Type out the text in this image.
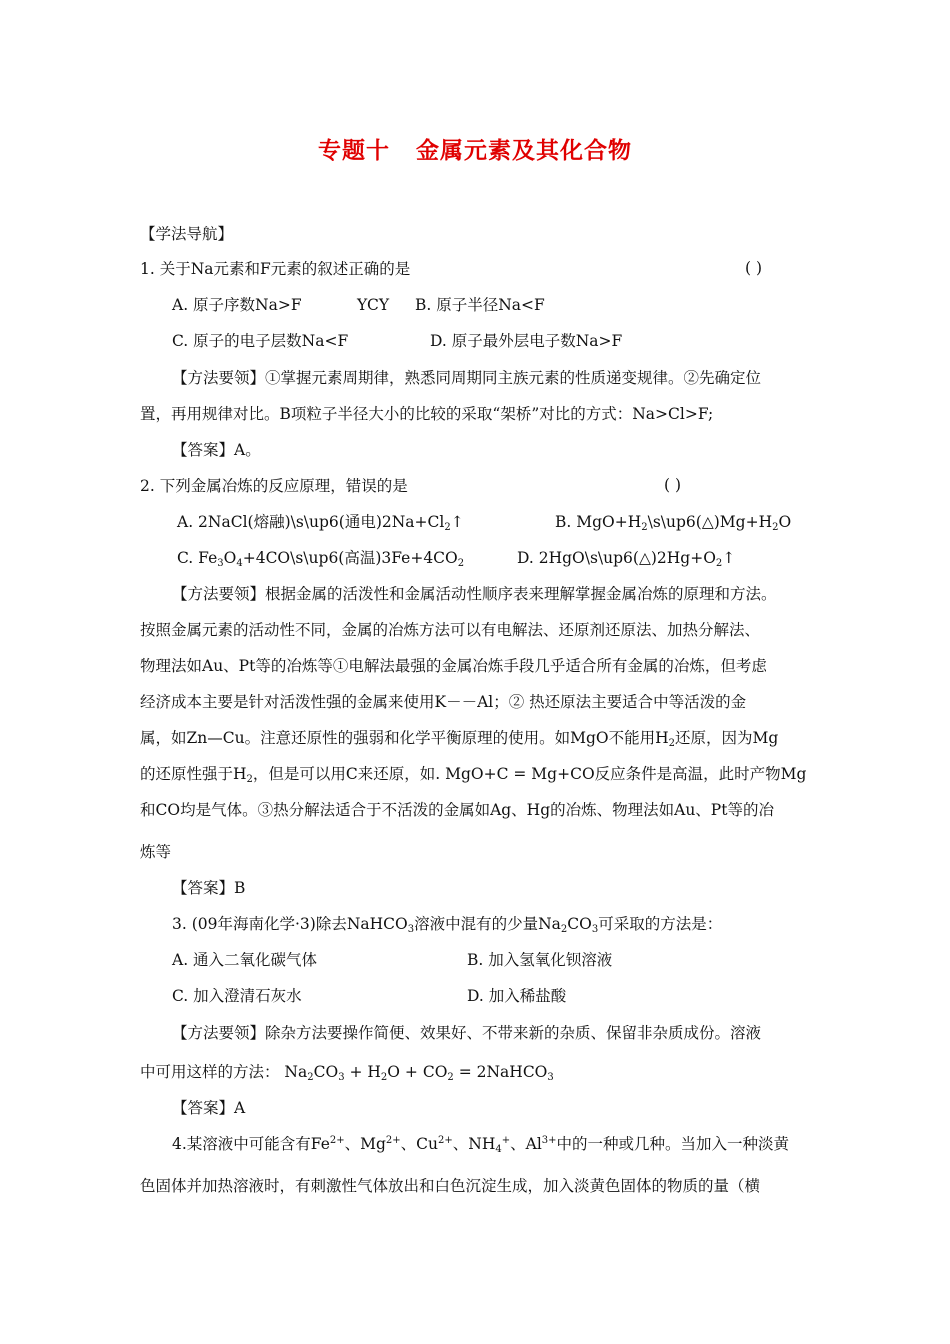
专题十 金属元素及其化合物
【学法导航】
1. 关于Na元素和F元素的叙述正确的是	( )
A. 原子序数Na>F	YCY B. 原子半径Na<F
C. 原子的电子层数Na<F	D. 原子最外层电子数Na>F
【方法要领】①掌握元素周期律，熟悉同周期同主族元素的性质递变规律。②先确定位
置，再用规律对比。B项粒子半径大小的比较的采取“架桥”对比的方式：Na>Cl>F;
【答案】A。
2. 下列金属冶炼的反应原理，错误的是	( )
A. 2NaCl(熔融)\s\up6(通电)$2Na+Cl_2↑$	B. $MgO+H_2\backslash s\backslash up6(\triangle)Mg+H_2O$
C. $Fe_3O_4+4CO\backslash s\backslash up6$(高温)$3Fe+4CO_2$	D. $2HgO\backslash s\backslash up6(\triangle)2Hg+O_2↑$
【方法要领】根据金属的活泼性和金属活动性顺序表来理解掌握金属冶炼的原理和方法。
按照金属元素的活动性不同，金属的冶炼方法可以有电解法、还原剂还原法、加热分解法、
物理法如Au、Pt等的冶炼等①电解法最强的金属冶炼手段几乎适合所有金属的冶炼，但考虑
经济成本主要是针对活泼性强的金属来使用K－－Al；② 热还原法主要适合中等活泼的金
属，如Zn—Cu。注意还原性的强弱和化学平衡原理的使用。如MgO不能用$H_2$还原，因为Mg
的还原性强于$H_2$，但是可以用C来还原，如. MgO+C = Mg+CO反应条件是高温，此时产物Mg
和CO均是气体。③热分解法适合于不活泼的金属如Ag、Hg的冶炼、物理法如Au、Pt等的冶
炼等
【答案】B
3. (09年海南化学·3)除去NaHCO$_3$溶液中混有的少量$Na_2CO_3$可采取的方法是：
A. 通入二氧化碳气体	B. 加入氢氧化钡溶液
C. 加入澄清石灰水	D. 加入稀盐酸
【方法要领】除杂方法要操作简便、效果好、不带来新的杂质、保留非杂质成份。溶液
中可用这样的方法： $Na_2CO_3 + H_2O + CO_2$ = 2NaHCO$_3$
【答案】A
4.某溶液中可能含有$Fe^{2+}$、$Mg^{2+}$、$Cu^{2+}$、$NH_4^+$、$Al^{3+}$中的一种或几种。当加入一种淡黄
色固体并加热溶液时，有刺激性气体放出和白色沉淀生成，加入淡黄色固体的物质的量（横
